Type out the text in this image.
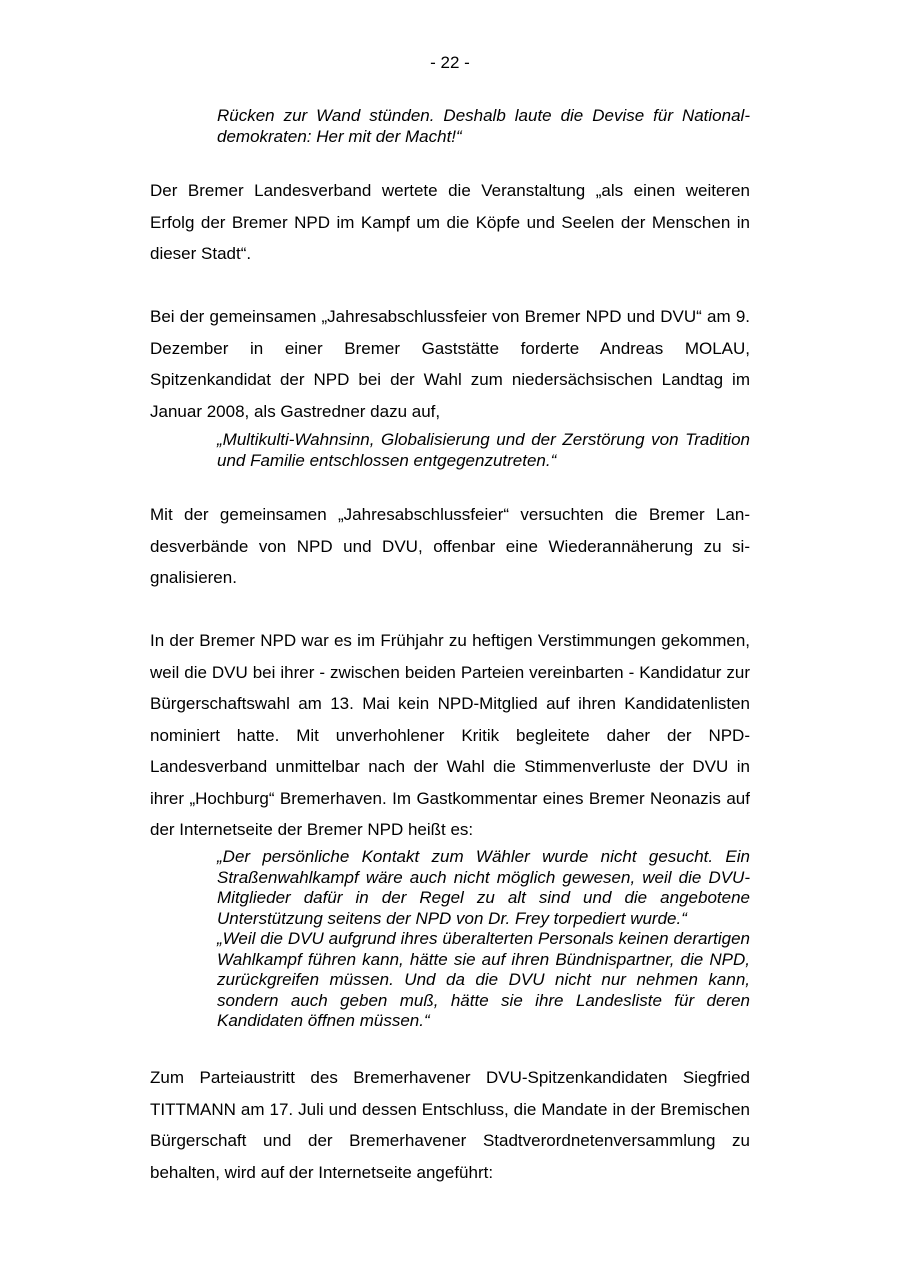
- 22 -

Rücken zur Wand stünden. Deshalb laute die Devise für Nationaldemokraten: Her mit der Macht!“

Der Bremer Landesverband wertete die Veranstaltung „als einen weiteren Erfolg der Bremer NPD im Kampf um die Köpfe und Seelen der Menschen in dieser Stadt“.

Bei der gemeinsamen „Jahresabschlussfeier von Bremer NPD und DVU“ am 9. Dezember in einer Bremer Gaststätte forderte Andreas MOLAU, Spitzenkandidat der NPD bei der Wahl zum niedersächsischen Landtag im Januar 2008, als Gastredner dazu auf,

„Multikulti-Wahnsinn, Globalisierung und der Zerstörung von Tradition und Familie entschlossen entgegenzutreten.“

Mit der gemeinsamen „Jahresabschlussfeier“ versuchten die Bremer Landesverbände von NPD und DVU, offenbar eine Wiederannäherung zu signalisieren.

In der Bremer NPD war es im Frühjahr zu heftigen Verstimmungen gekommen, weil die DVU bei ihrer - zwischen beiden Parteien vereinbarten - Kandidatur zur Bürgerschaftswahl am 13. Mai kein NPD-Mitglied auf ihren Kandidatenlisten nominiert hatte. Mit unverhohlener Kritik begleitete daher der NPD-Landesverband unmittelbar nach der Wahl die Stimmenverluste der DVU in ihrer „Hochburg“ Bremerhaven. Im Gastkommentar eines Bremer Neonazis auf der Internetseite der Bremer NPD heißt es:

„Der persönliche Kontakt zum Wähler wurde nicht gesucht. Ein Straßenwahlkampf wäre auch nicht möglich gewesen, weil die DVU-Mitglieder dafür in der Regel zu alt sind und die angebotene Unterstützung seitens der NPD von Dr. Frey torpediert wurde.“

„Weil die DVU aufgrund ihres überalterten Personals keinen derartigen Wahlkampf führen kann, hätte sie auf ihren Bündnispartner, die NPD, zurückgreifen müssen. Und da die DVU nicht nur nehmen kann, sondern auch geben muß, hätte sie ihre Landesliste für deren Kandidaten öffnen müssen.“

Zum Parteiaustritt des Bremerhavener DVU-Spitzenkandidaten Siegfried TITTMANN am 17. Juli und dessen Entschluss, die Mandate in der Bremischen Bürgerschaft und der Bremerhavener Stadtverordnetenversammlung zu behalten, wird auf der Internetseite angeführt:
